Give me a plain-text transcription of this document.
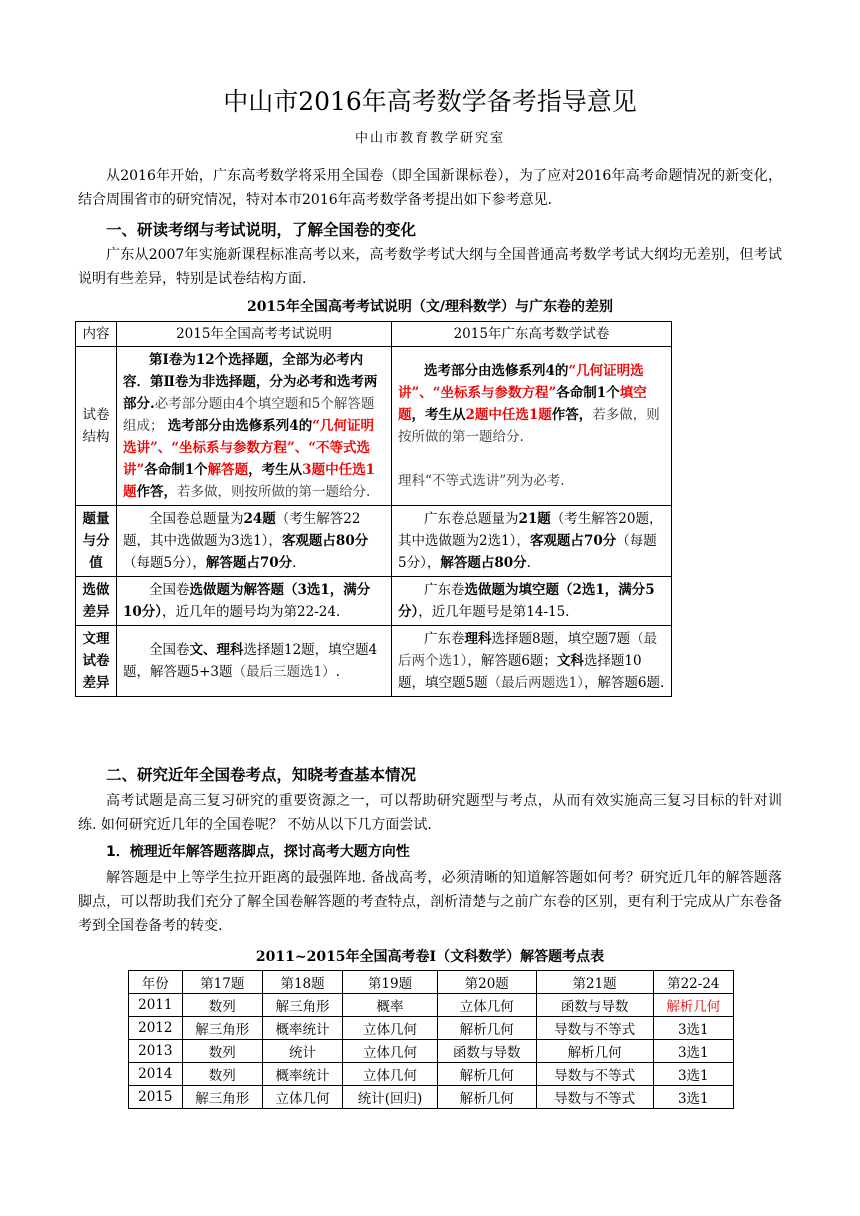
中山市2016年高考数学备考指导意见
中山市教育教学研究室

从2016年开始，广东高考数学将采用全国卷（即全国新课标卷），为了应对2016年高考命题情况的新变化，结合周围省市的研究情况，特对本市2016年高考数学备考提出如下参考意见.

一、研读考纲与考试说明，了解全国卷的变化

广东从2007年实施新课程标准高考以来，高考数学考试大纲与全国普通高考数学考试大纲均无差别，但考试说明有些差异，特别是试卷结构方面.

2015年全国高考考试说明（文/理科数学）与广东卷的差别

内容	2015年全国高考考试说明	2015年广东高考数学试卷
试卷结构	第Ⅰ卷为12个选择题，全部为必考内容．第Ⅱ卷为非选择题，分为必考和选考两部分.必考部分题由4个填空题和5个解答题组成； 选考部分由选修系列4的“几何证明选讲”、“坐标系与参数方程”、“不等式选讲”各命制1个解答题，考生从3题中任选1题作答，若多做，则按所做的第一题给分.	选考部分由选修系列4的“几何证明选讲”、“坐标系与参数方程”各命制1个填空题，考生从2题中任选1题作答，若多做，则按所做的第一题给分.

理科“不等式选讲”列为必考.
题量与分值	全国卷总题量为24题（考生解答22题，其中选做题为3选1），客观题占80分（每题5分），解答题占70分.	广东卷总题量为21题（考生解答20题，其中选做题为2选1），客观题占70分（每题5分），解答题占80分.
选做差异	全国卷选做题为解答题（3选1，满分10分），近几年的题号均为第22-24.	广东卷选做题为填空题（2选1，满分5分），近几年题号是第14-15.
文理试卷差异	全国卷文、理科选择题12题，填空题4题，解答题5+3题（最后三题选1）.	广东卷理科选择题8题，填空题7题（最后两个选1），解答题6题；文科选择题10题，填空题5题（最后两题选1），解答题6题.

二、研究近年全国卷考点，知晓考查基本情况

高考试题是高三复习研究的重要资源之一，可以帮助研究题型与考点，从而有效实施高三复习目标的针对训练. 如何研究近几年的全国卷呢？ 不妨从以下几方面尝试.

1．梳理近年解答题落脚点，探讨高考大题方向性

解答题是中上等学生拉开距离的最强阵地. 备战高考，必须清晰的知道解答题如何考？研究近几年的解答题落脚点，可以帮助我们充分了解全国卷解答题的考查特点，剖析清楚与之前广东卷的区别，更有利于完成从广东卷备考到全国卷备考的转变.

2011~2015年全国高考卷Ⅰ（文科数学）解答题考点表

年份	第17题	第18题	第19题	第20题	第21题	第22-24
2011	数列	解三角形	概率	立体几何	函数与导数	解析几何
2012	解三角形	概率统计	立体几何	解析几何	导数与不等式	3选1
2013	数列	统计	立体几何	函数与导数	解析几何	3选1
2014	数列	概率统计	立体几何	解析几何	导数与不等式	3选1
2015	解三角形	立体几何	统计(回归)	解析几何	导数与不等式	3选1
